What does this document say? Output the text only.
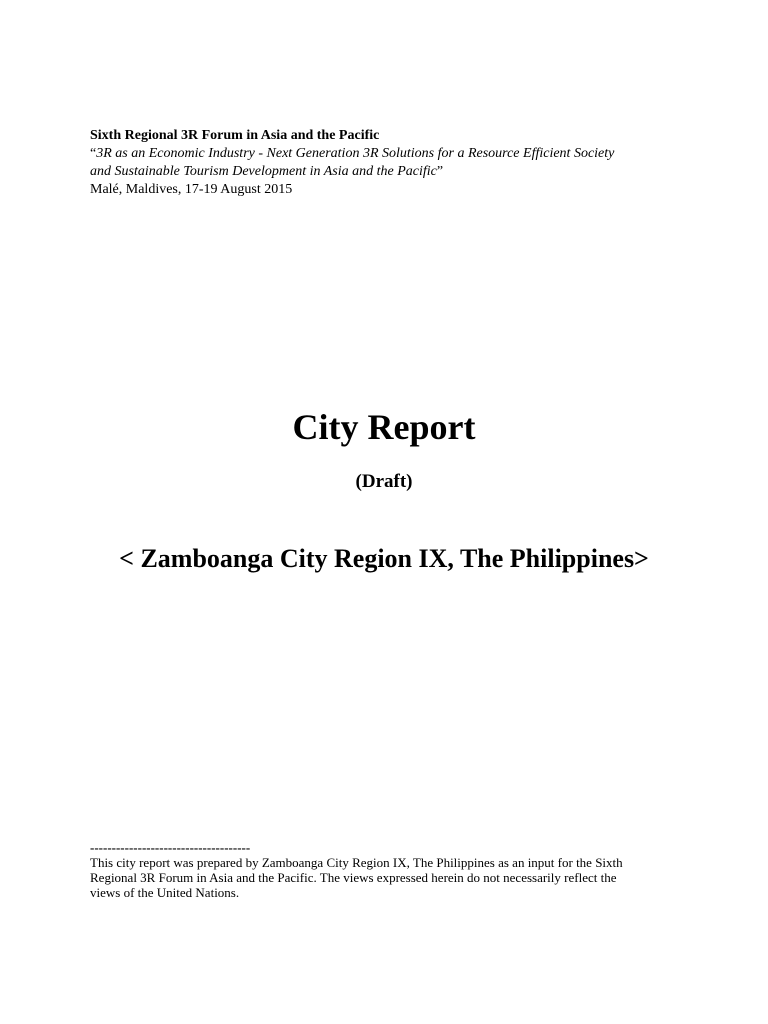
Sixth Regional 3R Forum in Asia and the Pacific
“3R as an Economic Industry - Next Generation 3R Solutions for a Resource Efficient Society
and Sustainable Tourism Development in Asia and the Pacific”
Malé, Maldives, 17-19 August 2015
City Report
(Draft)
< Zamboanga City Region IX, The Philippines>
-------------------------------------
This city report was prepared by Zamboanga City Region IX, The Philippines as an input for the Sixth
Regional 3R Forum in Asia and the Pacific. The views expressed herein do not necessarily reflect the
views of the United Nations.
